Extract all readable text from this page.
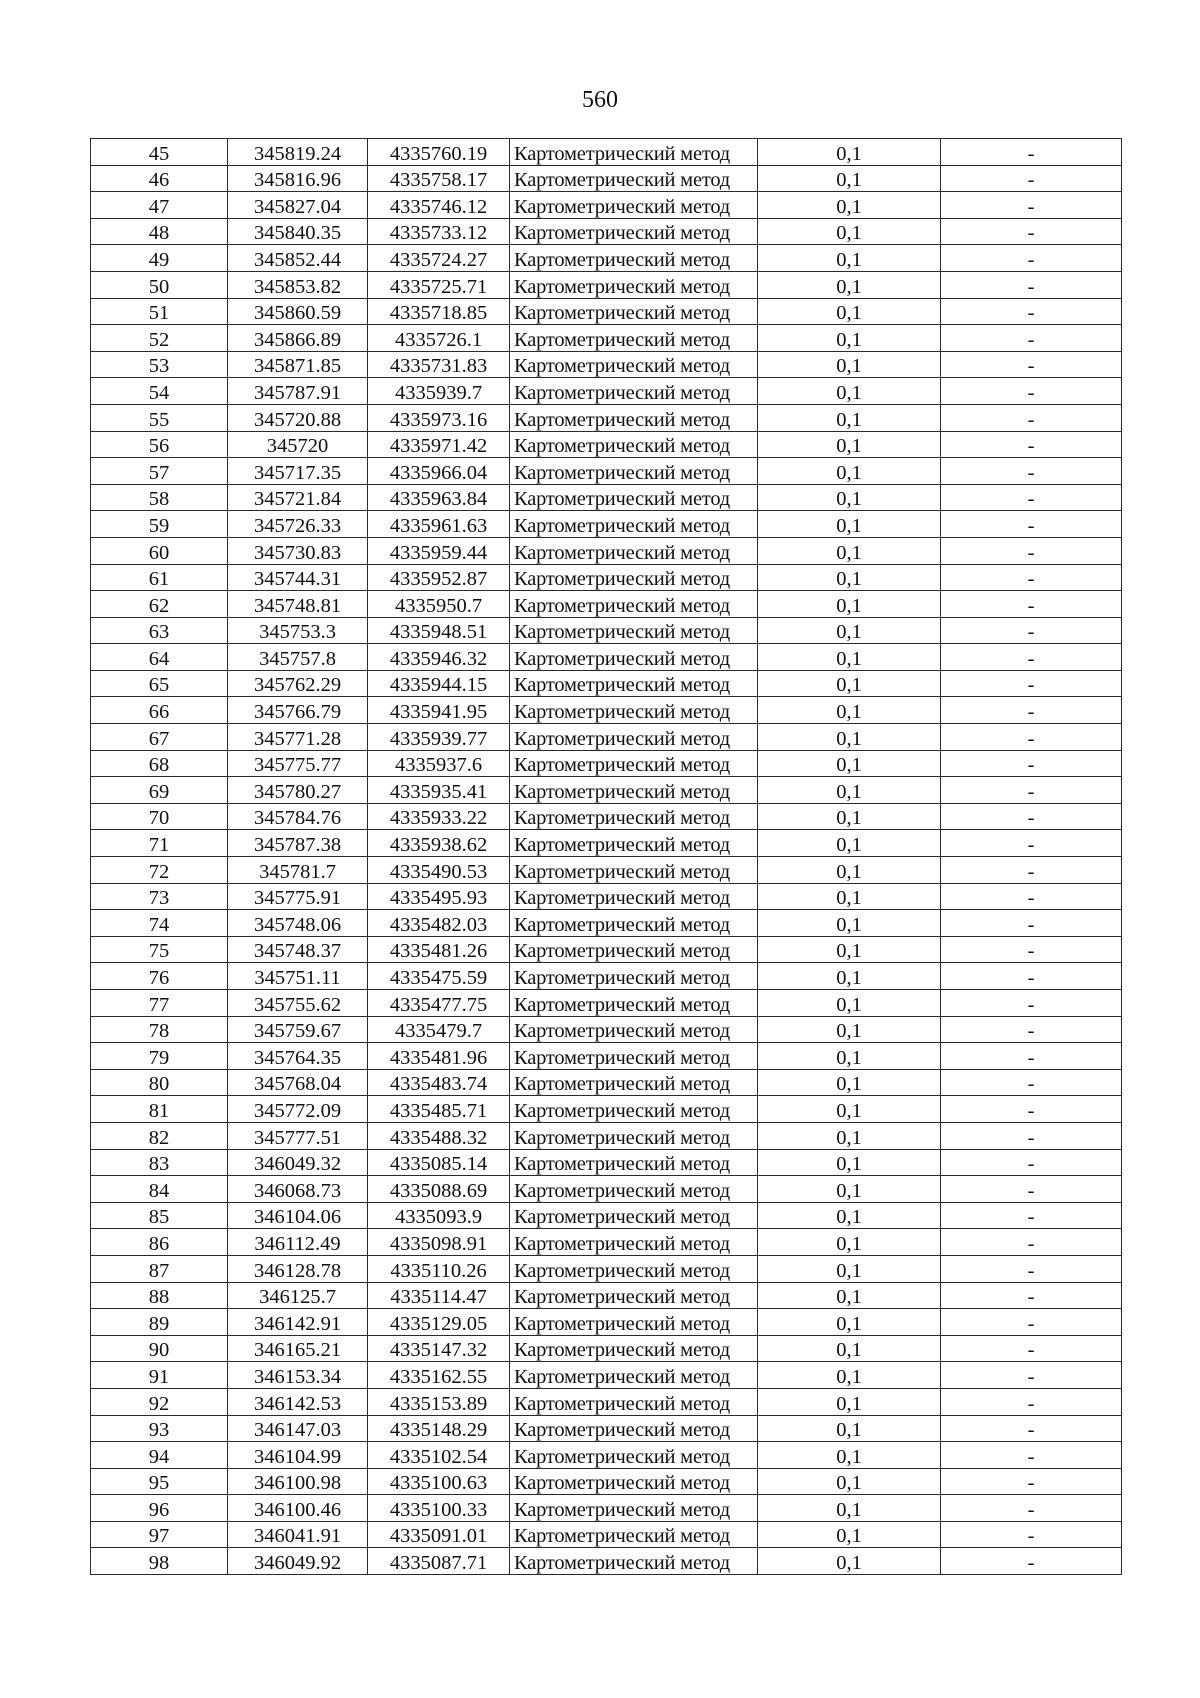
560
45	345819.24	4335760.19	Картометрический метод	0,1	-
46	345816.96	4335758.17	Картометрический метод	0,1	-
47	345827.04	4335746.12	Картометрический метод	0,1	-
48	345840.35	4335733.12	Картометрический метод	0,1	-
49	345852.44	4335724.27	Картометрический метод	0,1	-
50	345853.82	4335725.71	Картометрический метод	0,1	-
51	345860.59	4335718.85	Картометрический метод	0,1	-
52	345866.89	4335726.1	Картометрический метод	0,1	-
53	345871.85	4335731.83	Картометрический метод	0,1	-
54	345787.91	4335939.7	Картометрический метод	0,1	-
55	345720.88	4335973.16	Картометрический метод	0,1	-
56	345720	4335971.42	Картометрический метод	0,1	-
57	345717.35	4335966.04	Картометрический метод	0,1	-
58	345721.84	4335963.84	Картометрический метод	0,1	-
59	345726.33	4335961.63	Картометрический метод	0,1	-
60	345730.83	4335959.44	Картометрический метод	0,1	-
61	345744.31	4335952.87	Картометрический метод	0,1	-
62	345748.81	4335950.7	Картометрический метод	0,1	-
63	345753.3	4335948.51	Картометрический метод	0,1	-
64	345757.8	4335946.32	Картометрический метод	0,1	-
65	345762.29	4335944.15	Картометрический метод	0,1	-
66	345766.79	4335941.95	Картометрический метод	0,1	-
67	345771.28	4335939.77	Картометрический метод	0,1	-
68	345775.77	4335937.6	Картометрический метод	0,1	-
69	345780.27	4335935.41	Картометрический метод	0,1	-
70	345784.76	4335933.22	Картометрический метод	0,1	-
71	345787.38	4335938.62	Картометрический метод	0,1	-
72	345781.7	4335490.53	Картометрический метод	0,1	-
73	345775.91	4335495.93	Картометрический метод	0,1	-
74	345748.06	4335482.03	Картометрический метод	0,1	-
75	345748.37	4335481.26	Картометрический метод	0,1	-
76	345751.11	4335475.59	Картометрический метод	0,1	-
77	345755.62	4335477.75	Картометрический метод	0,1	-
78	345759.67	4335479.7	Картометрический метод	0,1	-
79	345764.35	4335481.96	Картометрический метод	0,1	-
80	345768.04	4335483.74	Картометрический метод	0,1	-
81	345772.09	4335485.71	Картометрический метод	0,1	-
82	345777.51	4335488.32	Картометрический метод	0,1	-
83	346049.32	4335085.14	Картометрический метод	0,1	-
84	346068.73	4335088.69	Картометрический метод	0,1	-
85	346104.06	4335093.9	Картометрический метод	0,1	-
86	346112.49	4335098.91	Картометрический метод	0,1	-
87	346128.78	4335110.26	Картометрический метод	0,1	-
88	346125.7	4335114.47	Картометрический метод	0,1	-
89	346142.91	4335129.05	Картометрический метод	0,1	-
90	346165.21	4335147.32	Картометрический метод	0,1	-
91	346153.34	4335162.55	Картометрический метод	0,1	-
92	346142.53	4335153.89	Картометрический метод	0,1	-
93	346147.03	4335148.29	Картометрический метод	0,1	-
94	346104.99	4335102.54	Картометрический метод	0,1	-
95	346100.98	4335100.63	Картометрический метод	0,1	-
96	346100.46	4335100.33	Картометрический метод	0,1	-
97	346041.91	4335091.01	Картометрический метод	0,1	-
98	346049.92	4335087.71	Картометрический метод	0,1	-
